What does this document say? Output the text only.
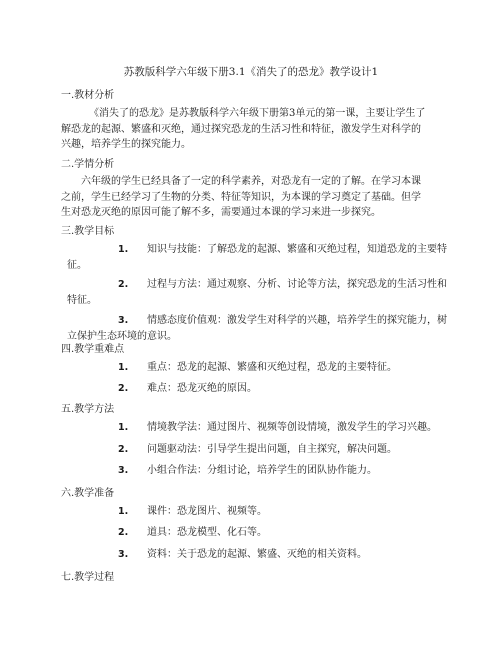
苏教版科学六年级下册3.1《消失了的恐龙》教学设计1
一.教材分析
《消失了的恐龙》是苏教版科学六年级下册第3单元的第一课，主要让学生了
解恐龙的起源、繁盛和灭绝，通过探究恐龙的生活习性和特征，激发学生对科学的
兴趣，培养学生的探究能力。
二.学情分析
六年级的学生已经具备了一定的科学素养，对恐龙有一定的了解。在学习本课
之前，学生已经学习了生物的分类、特征等知识，为本课的学习奠定了基础。但学
生对恐龙灭绝的原因可能了解不多，需要通过本课的学习来进一步探究。
三.教学目标
1. 知识与技能：了解恐龙的起源、繁盛和灭绝过程，知道恐龙的主要特
征。
2. 过程与方法：通过观察、分析、讨论等方法，探究恐龙的生活习性和
特征。
3. 情感态度价值观：激发学生对科学的兴趣，培养学生的探究能力，树
立保护生态环境的意识。
四.教学重难点
1. 重点：恐龙的起源、繁盛和灭绝过程，恐龙的主要特征。
2. 难点：恐龙灭绝的原因。
五.教学方法
1. 情境教学法：通过图片、视频等创设情境，激发学生的学习兴趣。
2. 问题驱动法：引导学生提出问题，自主探究，解决问题。
3. 小组合作法：分组讨论，培养学生的团队协作能力。
六.教学准备
1. 课件：恐龙图片、视频等。
2. 道具：恐龙模型、化石等。
3. 资料：关于恐龙的起源、繁盛、灭绝的相关资料。
七.教学过程
